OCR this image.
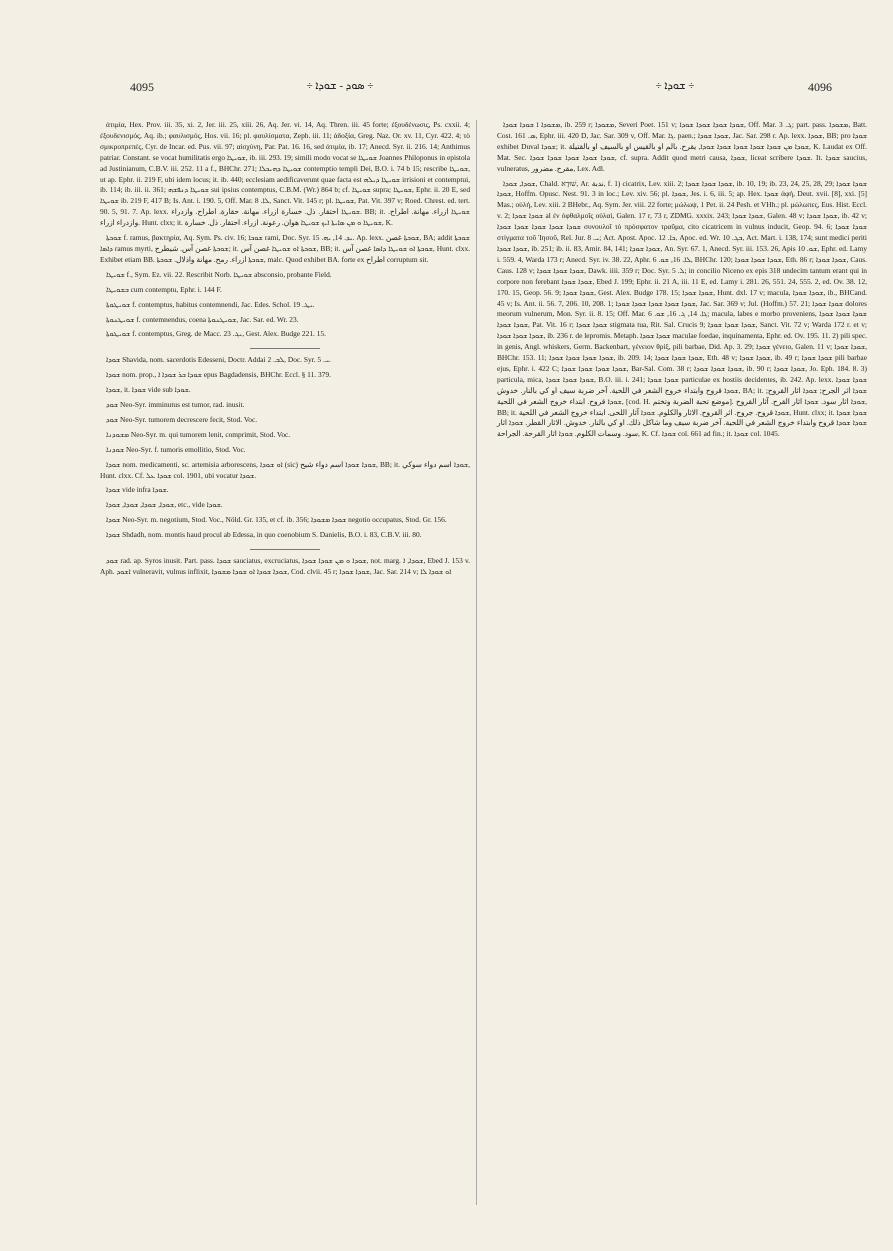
4095	÷ ܣܘܕ - ܫܘܕܐ ÷	÷ ܫܘܕܐ ÷	4096

ἀτιμία, Hex. Prov. iii. 35, xi. 2, Jer. iii. 25, xiii. 26, Aq. Jer. vi. 14, Aq. Thren. iii. 45 forte; ἐξουδένωσις, Ps. cxxii. 4; ἐξουδενισμός, Aq. ib.; φαυλισμός, Hos. vii. 16; pl. φαυλίσματα, Zeph. iii. 11; ἀδοξία, Greg. Naz. Or. xv. 11, Cyr. 422. 4; τὸ σμικροπρεπές, Cyr. de Incar. ed. Pus. vii. 97; αἰσχύνη, Par. Pat. 16. 16, sed ἀτιμία, ib. 17; Anecd. Syr. ii. 216. 14; Anthimus patriar. Constant. se vocat humilitatis ergo ܫܘܝܛܐ, ib. iii. 293. 19; simili modo vocat se ܫܘܝܛܐ Joannes Philoponus in epistola ad Justinianum, C.B.V. iii. 252. 11 a f., BHChr. 271; ܫܘܝܛܐ ܕܗܝܟܠܐ contemptio templi Dei, B.O. i. 74 b 15; rescribe ܫܘܝܛܐ, ut ap. Ephr. ii. 219 F, ubi idem locus; it. ib. 440; ecclesiam aedificaverunt quae facta est ܫܘܝܛܐ ܕܝܠܗ irrisioni et contemptui, ib. 114; ib. iii. ii. 361; ܫܘܝܛܐ ܕܢܦܫܗ sui ipsius contemptus, C.B.M. (Wr.) 864 b; cf. ܫܘܝܛܐ supra; ܫܘܝܛܐ, Ephr. ii. 20 E, sed ܫܘܝܛܐ ib. 219 F, 417 B; Is. Ant. i. 190. 5, Off. Mar. ܠܐ. 8, Sanct. Vit. 145 r; pl. ܫܘܝܛܐ, Pat. Vit. 397 v; Roed. Chrest. ed. tert. 90. 5, 91. 7. Ap. lexx. ܫܘܝܛܐ احتقار. ذل. خسارة ازراء. مهانة. حقارة. اطراح. وازدراء. BB; it. ܫܘܝܛܐ ازراء. مهانة. اطراح. وازدراء ازراء. Hunt. clxx; it. ܫܘܝܛܐ ܘ ܡܢ ܣܐܝܬܐ ܐܝܟ ܫܘܝܛܐ هوان. رعونة. ازراء. احتقار. ذل. خسارة, K.

ܫܘܟܬܐ f. ramus, βακτηρία, Aq. Sym. Ps. civ. 16; ܫܘܟܐ rami, Doc. Syr. ܝܕ. 14, ܝܗ. 15. Ap. lexx. ܫܘܟܬܐ غصن, BA; addit ܫܘܟܬܐ ܕܐܣܐ ramus myrti, ܫܘܟܬܐ غصن آس. شيطرج; it. ܫܘܟܬܐ ܐܘ ܫܘܝܛܐ غصن آس, BB; it. ܫܘܟܬܐ ܐܘ ܫܘܝܛܐ ܕܐܣܐ غصن آس, Hunt. clxx. Exhibet etiam BB. ܫܘܟܬܐ ازراء. رمح. مهانة واذلال. ܫܘܟܬܐ, malc. Quod exhibet BA. forte ex اطراح corruptum sit.

ܫܘܝܛܐ f., Sym. Ez. vii. 22. Rescribit Norb. ܫܘܝܛܐ absconsio, probante Field.

ܒܫܘܝܛܐ cum contemptu, Ephr. i. 144 F.

ܫܘܝܛܘܬܐ f. contemptus, habitus contemnendi, Jac. Edes. Schol. ܝܛ. 19.

ܫܘܝܛܢܘܬܐ f. contemnendus, coena ܫܘܝܛܢܘܬܐ, Jac. Sar. ed. Wr. 23.

ܫܘܝܛܘܬܐ f. contemptus, Greg. de Macc. ܝܓ. 23, Gest. Alex. Budge 221. 15.

ܫܘܕܐ Shavida, nom. sacerdotis Edesseni, Doctr. Addai ܠܒ. 2, Doc. Syr. ܝ. 5.

ܫܘܕܐ nom. prop., ܫܘܕܐ ܒܪ ܫܘܕܐ ܐ epus Bagdadensis, BHChr. Eccl. § 11. 379.

ܫܘܕܐ, it. ܫܘܕܐ vide sub ܫܘܕܐ.

ܫܘܕ Neo-Syr. imminutus est tumor, rad. inusit.

ܫܘܕ Neo-Syr. tumorem decrescere fecit, Stod. Voc.

ܡܫܘܕܢܐ Neo-Syr. m. qui tumorem lenit, comprimit, Stod. Voc.

ܫܘܕܢܐ Neo-Syr. f. tumoris emollitio, Stod. Voc.

ܫܘܕܐ nom. medicamenti, sc. artemisia arborescens, ܐܘ ܫܘܕܐ (sic) ܫܘܕܐ ܫܘܕܐ اسم دواء شيح, BB; it. ܫܘܕܐ اسم دواء سوكي, Hunt. clxx. Cf. ܫܘܕܐ ܥܠ col. 1901, ubi vocatur ܫܘܕܐ.

ܫܘܕܐ vide infra ܫܘܕܐ.

ܫܘܕܐ, ܫܘܕܐ, ܫܘܕܐ, ܫܘܕܐ, etc., vide ܫܘܕܐ.

ܫܘܕܐ Neo-Syr. m. negotium, Stod. Voc., Nöld. Gr. 135, et cf. ib. 356; ܫܘܕܐ ܡܫܘܕܐ negotio occupatus, Stod. Gr. 156.

ܫܘܕܐ Shdadh, nom. montis haud procul ab Edessa, in quo coenobium S. Danielis, B.O. i. 83, C.B.V. iii. 80.

ܫܘܕ rad. ap. Syros inusit. Part. pass. ܫܘܕܐ sauciatus, excruciatus, ܫܘܕܐ ܘ ܡܢ ܫܘܕܐ ܫܘܕܐ, not. marg. ܫܘܕܐ, ܐ, Ebed J. 153 v. Aph. ܐܫܘܕ vulneravit, vulnus inflixit, ܫܘܕܐ ܫܘܕܐ ܐܘ ܫܘܕܐ ܡܫܘܕܐ, Cod. clvii. 45 r; ܫܘܕܐ ܫܘܕܐ, Jac. Sar. 214 v; ܐܘ ܫܘܕܐ ܠܐ

ܡܫܘܕܐ ܐ ܫܘܕܐ ܫܘܕܐ, ib. 259 r; ܡܫܘܕܐ, Severi Poet. 151 v; ܫܘܕܐ ܫܘܕܐ ܫܘܕܐ ܫܘܕܐ, Off. Mar. ܓ. 3; part. pass. ܡܫܘܕܐ, Batt. Cost. ܣ. 161, Ephr. iii. 420 D, Jac. Sar. 309 v, Off. Mar. ܓܐ. paen.; ܫܘܕܐ ܫܘܕܐ, Jac. Sar. 298 r. Ap. lexx. ܫܘܕܐ, BB; pro ܫܘܕܐ exhibet Duval ܫܘܕܐ; it. ܫܘܕܐ ܡܢ ܫܘܕܐ ܫܘܕܐ ܫܘܕܐ ܫܘܕܐ ܫܘܕܐ, يقرح. بالم او بالقيس او بالسيف او بالقتيلة, K. Laudat ex Off. Mat. Sec. ܫܘܕܐ ܫܘܕܐ ܫܘܕܐ ܫܘܕܐ ܫܘܕܐ, cf. supra. Addit quod metri causa, ܫܘܕܐ, liceat scribere ܫܘܕܐ. It. ܫܘܕܐ saucius, vulneratus, مقرح. مضرور, Lex. Adl.

ܫܘܕܐ, ܫܘܕܐ, Chald. שׁוּדָא, Ar. ندبة, f. 1) cicatrix, Lev. xiii. 2; ܫܘܕܐ ܫܘܕܐ ܫܘܕܐ, ib. 10, 19; ib. 23, 24, 25, 28, 29; ܫܘܕܐ ܫܘܕܐ ܫܘܕܐ, Hoffm. Opusc. Nest. 91. 3 in loc.; Lev. xiv. 56; pl. ܫܘܕܐ, Jes. i. 6, iii. 5; ap. Hex. ܫܘܕܐ ἁφή, Deut. xvii. [8], xxi. [5] Mas.; οὐλή, Lev. xiii. 2 BHebr., Aq. Sym. Jer. viii. 22 forte; μώλωψ, 1 Pet. ii. 24 Pesh. et VHh.; pl. μώλωπες, Eus. Hist. Eccl. v. 2; ܫܘܕܐ ܫܘܕܐ al ἐν ὀφθαλμοῖς οὐλαί, Galen. 17 r, 73 r, ZDMG. xxxix. 243; ܫܘܕܐ ܫܘܕܐ, Galen. 48 v; ܫܘܕܐ ܫܘܕܐ, ib. 42 v; ܫܘܕܐ ܫܘܕܐ ܫܘܕܐ ܫܘܕܐ ܫܘܕܐ συνουλοῖ τὸ πρόσφατον τραῦμα, cito cicatricem in vulnus inducit, Geop. 94. 6; ܫܘܕܐ ܫܘܕܐ στίγματα τοῦ Ἰησοῦ, Rel. Jur. ܝ. 8; Act. Apost. Apoc. ܟܐ. 12, Apoc. ed. Wr. ܒܓ. 10, Act. Mart. i. 138, 174; sunt medici periti ܫܘܕܐ ܫܘܕܐ, ib. 251; ib. ii. 83, Amir. 84, 141; ܫܘܕܐ ܫܘܕܐ, An. Syr. 67. 1, Anecd. Syr. iii. 153. 26, Apis ܫܘ. 10, Ephr. ed. Lamy i. 559. 4, Warda 173 r; Anecd. Syr. iv. 38. 22, Aphr. ܠܐ. 16, ܫܘ. 6, BHChr. 120; ܫܘܕܐ ܫܘܕܐ ܫܘܕܐ, Eth. 86 r; ܫܘܕܐ ܫܘܕܐ, Caus. Caus. 128 v; ܫܘܕܐ ܫܘܕܐ ܫܘܕܐ, Dawk. iiii. 359 r; Doc. Syr. ܠ. 5; in concilio Niceno ex epis 318 undecim tantum erant qui in corpore non ferebant ܫܘܕܐ ܫܘܕܐ, Ebed J. 199; Ephr. ii. 21 A, iii. 11 E, ed. Lamy i. 281. 26, 551. 24, 555. 2, ed. Ov. 38. 12, 170. 15, Geop. 56. 9; ܫܘܕܐ ܫܘܕܐ, Gest. Alex. Budge 178. 15; ܫܘܕܐ ܫܘܕܐ, Hunt. dxl. 17 v; macula, ܫܘܕܐ ܫܘܕܐ, ib., BHCand. 45 v; Is. Ant. ii. 56. 7, 206. 10, 208. 1; ܫܘܕܐ ܫܘܕܐ ܫܘܕܐ ܫܘܕܐ ܫܘܕܐ, Jac. Sar. 369 v; Jul. (Hoffm.) 57. 21; ܫܘܕܐ ܫܘܕܐ dolores meorum vulnerum, Mon. Syr. ii. 8. 15; Off. Mar. ܓܐ. 14, ܓ. 16, ܫܘ. 6; macula, labes e morbo proveniens, ܫܘܕܐ ܫܘܕܐ ܫܘܕܐ ܫܘܕܐ ܫܘܕܐ, Pat. Vit. 16 r; ܫܘܕܐ ܫܘܕܐ stigmata tua, Rit. Sal. Crucis 9; ܫܘܕܐ ܫܘܕܐ ܫܘܕܐ, Sanct. Vit. 72 v; Warda 172 r. et v; ܫܘܕܐ ܫܘܕܐ ܫܘܕܐ, ib. 236 r. de lepromis. Metaph. ܫܘܕܐ ܫܘܕܐ maculae foedae, inquinamenta, Ephr. ed. Ov. 195. 11. 2) pili spec. in genis, Angl. whiskers, Germ. Backenbart, γένειον θρίξ, pili barbae, Did. Ap. 3. 29; ܫܘܕܐ γένειο, Galen. 11 v; ܫܘܕܐ ܫܘܕܐ, BHChr. 153. 11; ܫܘܕܐ ܫܘܕܐ ܫܘܕܐ ܫܘܕܐ, ib. 209. 14; ܫܘܕܐ ܫܘܕܐ ܫܘܕܐ, Eth. 48 v; ܫܘܕܐ ܫܘܕܐ, ib. 49 r; ܫܘܕܐ ܫܘܕܐ pili barbae ejus, Ephr. i. 422 C; ܫܘܕܐ ܫܘܕܐ ܫܘܕܐ ܫܘܕܐ, Bar-Sal. Com. 38 r; ܫܘܕܐ ܫܘܕܐ ܫܘܕܐ, ib. 90 r; ܫܘܕܐ ܫܘܕܐ, Jo. Eph. 184. 8. 3) particula, mica, ܫܘܕܐ ܫܘܕܐ ܫܘܕܐ, B.O. iii. i. 241; ܫܘܕܐ ܫܘܕܐ particulae ex hostiis decidentes, ib. 242. Ap. lexx. ܫܘܕܐ ܫܘܕܐ ܫܘܕܐ قروح وابتداء خروج الشعر في اللحية. آخر ضربة سيف او كي بالنار. خدوش, BA; it. ܫܘܕܐ اثر الجرح; ܫܘܕܐ اثار القروح; ܫܘܕܐ قروح. ابتداء خروج الشعر في اللحية, [cod. H. موضع تحبة الضربة وتختم]. ܫܘܕܐ اثار سود. ܫܘܕܐ اثار القرح. آثار القروح, BB; it. ܫܘܕܐ قروح. جروح. اثر القروح. الاثار والكلوم. ܫܘܕܐ آثار اللحى. ابتداء خروج الشعر في اللحية, Hunt. clxx; it. ܫܘܕܐ ܫܘܕܐ ܫܘܕܐ ܫܘܕܐ قروح وابتداء خروج الشعر في اللحية. آخر ضربة سيف وما شاكل ذلك. او كي بالنار. خدوش. الاثار القطر. ܫܘܕܐ اثار سود. وسمات الكلوم. ܫܘܕܐ اثار القرحة. الجراحة, K. Cf. ܫܘܕܐ col. 661 ad fin.; it. ܫܘܕܐ col. 1045.
